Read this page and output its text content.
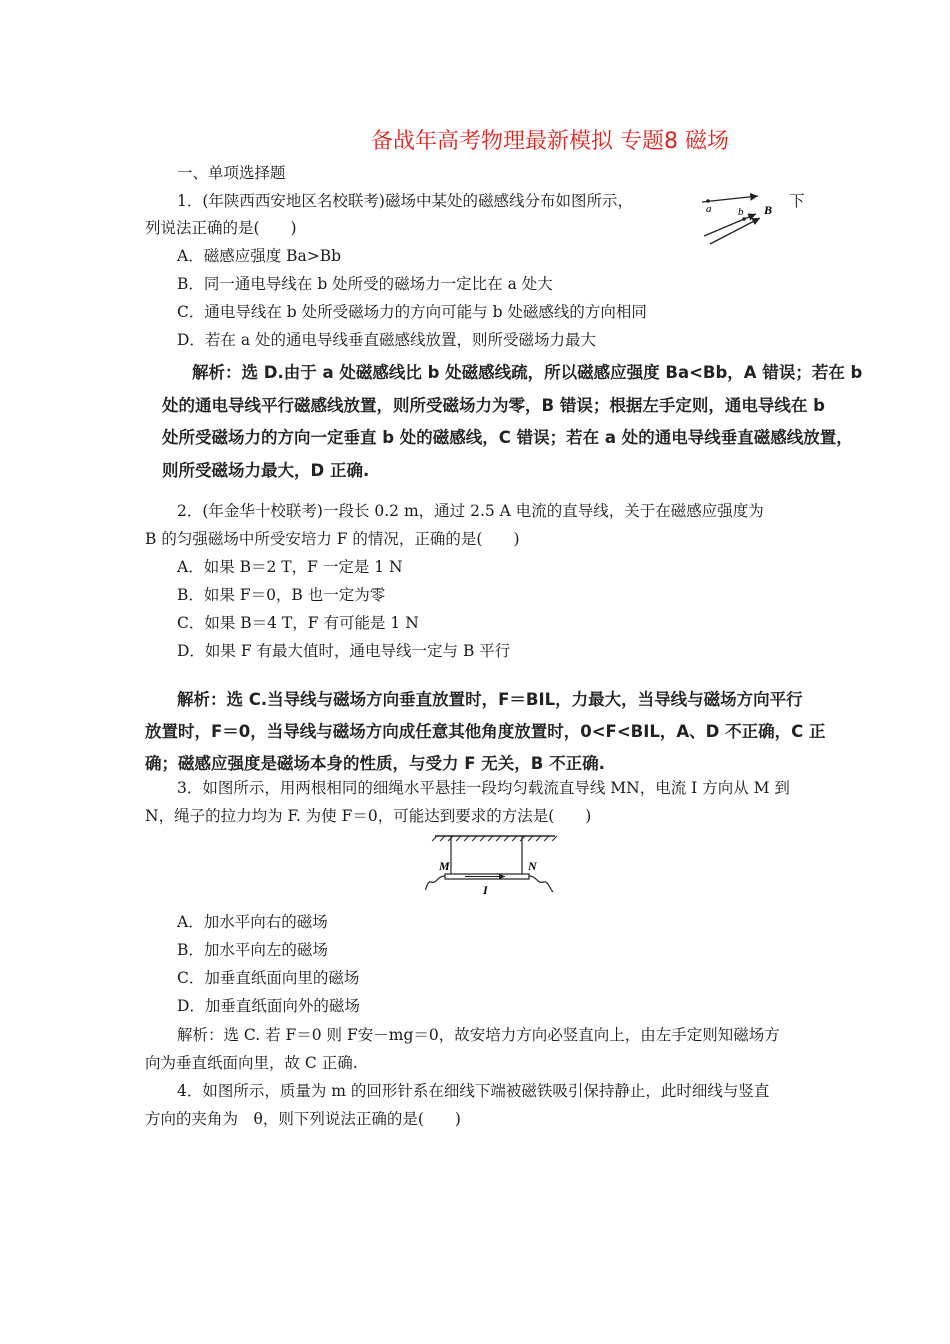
备战年高考物理最新模拟 专题8 磁场
一、单项选择题
1．(年陕西西安地区名校联考)磁场中某处的磁感线分布如图所示，	下
列说法正确的是(　　)
a b B
A．磁感应强度 Ba>Bb
B．同一通电导线在 b 处所受的磁场力一定比在 a 处大
C．通电导线在 b 处所受磁场力的方向可能与 b 处磁感线的方向相同
D．若在 a 处的通电导线垂直磁感线放置，则所受磁场力最大
解析：选 D.由于 a 处磁感线比 b 处磁感线疏，所以磁感应强度 Ba<Bb，A 错误；若在 b
处的通电导线平行磁感线放置，则所受磁场力为零，B 错误；根据左手定则，通电导线在 b
处所受磁场力的方向一定垂直 b 处的磁感线，C 错误；若在 a 处的通电导线垂直磁感线放置，
则所受磁场力最大，D 正确.
2．(年金华十校联考)一段长 0.2 m，通过 2.5 A 电流的直导线，关于在磁感应强度为
B 的匀强磁场中所受安培力 F 的情况，正确的是(　　)
A．如果 B＝2 T，F 一定是 1 N
B．如果 F＝0，B 也一定为零
C．如果 B＝4 T，F 有可能是 1 N
D．如果 F 有最大值时，通电导线一定与 B 平行
解析：选 C.当导线与磁场方向垂直放置时，F＝BIL，力最大，当导线与磁场方向平行
放置时，F＝0，当导线与磁场方向成任意其他角度放置时，0<F<BIL，A、D 不正确，C 正
确；磁感应强度是磁场本身的性质，与受力 F 无关，B 不正确.
3．如图所示，用两根相同的细绳水平悬挂一段均匀载流直导线 MN，电流 I 方向从 M 到
N，绳子的拉力均为 F. 为使 F＝0，可能达到要求的方法是(　　)
M	N
I
A．加水平向右的磁场
B．加水平向左的磁场
C．加垂直纸面向里的磁场
D．加垂直纸面向外的磁场
解析：选 C. 若 F＝0 则 F安－mg＝0，故安培力方向必竖直向上，由左手定则知磁场方
向为垂直纸面向里，故 C 正确.
4．如图所示，质量为 m 的回形针系在细线下端被磁铁吸引保持静止，此时细线与竖直
方向的夹角为　θ，则下列说法正确的是(　　)
